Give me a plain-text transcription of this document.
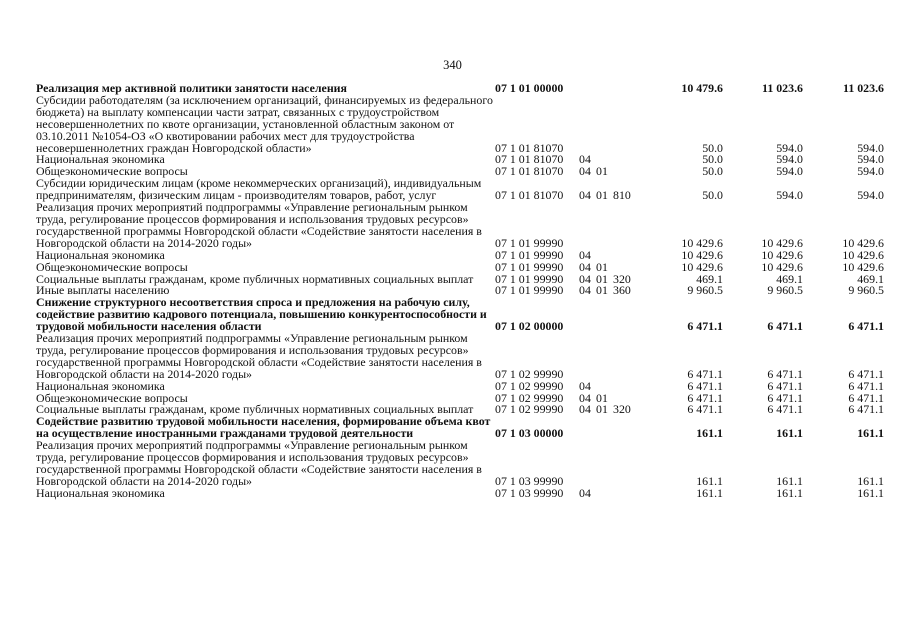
340
Реализация мер активной политики занятости населения	07 1 01 00000				10 479.6	11 023.6	11 023.6
Субсидии работодателям (за исключением организаций, финансируемых из федерального бюджета) на выплату компенсации части затрат, связанных с трудоустройством несовершеннолетних по квоте организации, установленной областным законом от 03.10.2011 №1054-ОЗ «О квотировании рабочих мест для трудоустройства несовершеннолетних граждан Новгородской области»	07 1 01 81070				50.0	594.0	594.0
Национальная экономика	07 1 01 81070	04			50.0	594.0	594.0
Общеэкономические вопросы	07 1 01 81070	04	01		50.0	594.0	594.0
Субсидии юридическим лицам (кроме некоммерческих организаций), индивидуальным предпринимателям, физическим лицам - производителям товаров, работ, услуг	07 1 01 81070	04	01	810	50.0	594.0	594.0
Реализация прочих мероприятий подпрограммы «Управление региональным рынком труда, регулирование процессов формирования и использования трудовых ресурсов» государственной программы Новгородской области «Содействие занятости населения в Новгородской области на 2014-2020 годы»	07 1 01 99990				10 429.6	10 429.6	10 429.6
Национальная экономика	07 1 01 99990	04			10 429.6	10 429.6	10 429.6
Общеэкономические вопросы	07 1 01 99990	04	01		10 429.6	10 429.6	10 429.6
Социальные выплаты гражданам, кроме публичных нормативных социальных выплат	07 1 01 99990	04	01	320	469.1	469.1	469.1
Иные выплаты населению	07 1 01 99990	04	01	360	9 960.5	9 960.5	9 960.5
Снижение структурного несоответствия спроса и предложения на рабочую силу, содействие развитию кадрового потенциала, повышению конкурентоспособности и трудовой мобильности населения области	07 1 02 00000				6 471.1	6 471.1	6 471.1
Реализация прочих мероприятий подпрограммы «Управление региональным рынком труда, регулирование процессов формирования и использования трудовых ресурсов» государственной программы Новгородской области «Содействие занятости населения в Новгородской области на 2014-2020 годы»	07 1 02 99990				6 471.1	6 471.1	6 471.1
Национальная экономика	07 1 02 99990	04			6 471.1	6 471.1	6 471.1
Общеэкономические вопросы	07 1 02 99990	04	01		6 471.1	6 471.1	6 471.1
Социальные выплаты гражданам, кроме публичных нормативных социальных выплат	07 1 02 99990	04	01	320	6 471.1	6 471.1	6 471.1
Содействие развитию трудовой мобильности населения, формирование объема квот на осуществление иностранными гражданами трудовой деятельности	07 1 03 00000				161.1	161.1	161.1
Реализация прочих мероприятий подпрограммы «Управление региональным рынком труда, регулирование процессов формирования и использования трудовых ресурсов» государственной программы Новгородской области «Содействие занятости населения в Новгородской области на 2014-2020 годы»	07 1 03 99990				161.1	161.1	161.1
Национальная экономика	07 1 03 99990	04			161.1	161.1	161.1
